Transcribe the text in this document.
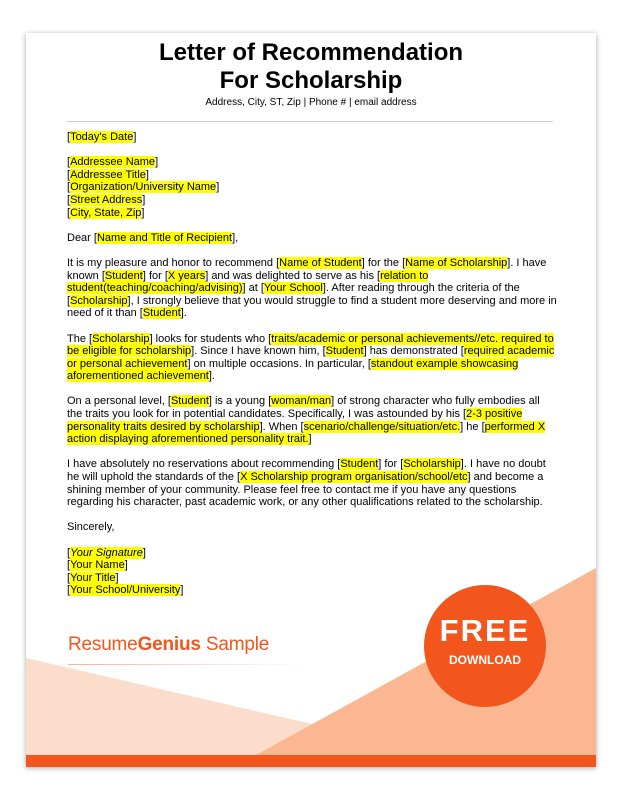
Letter of Recommendation
For Scholarship
Address, City, ST, Zip | Phone # | email address

[Today's Date]

[Addressee Name]
[Addressee Title]
[Organization/University Name]
[Street Address]
[City, State, Zip]

Dear [Name and Title of Recipient],

It is my pleasure and honor to recommend [Name of Student] for the [Name of Scholarship]. I have known [Student] for [X years] and was delighted to serve as his [relation to student(teaching/coaching/advising)] at [Your School]. After reading through the criteria of the [Scholarship], I strongly believe that you would struggle to find a student more deserving and more in need of it than [Student].

The [Scholarship] looks for students who [traits/academic or personal achievements//etc. required to be eligible for scholarship]. Since I have known him, [Student] has demonstrated [required academic or personal achievement] on multiple occasions. In particular, [standout example showcasing aforementioned achievement].

On a personal level, [Student] is a young [woman/man] of strong character who fully embodies all the traits you look for in potential candidates. Specifically, I was astounded by his [2-3 positive personality traits desired by scholarship]. When [scenario/challenge/situation/etc.] he [performed X action displaying aforementioned personality trait.]

I have absolutely no reservations about recommending [Student] for [Scholarship]. I have no doubt he will uphold the standards of the [X Scholarship program organisation/school/etc] and become a shining member of your community. Please feel free to contact me if you have any questions regarding his character, past academic work, or any other qualifications related to the scholarship.

Sincerely,

[Your Signature]
[Your Name]
[Your Title]
[Your School/University]

ResumeGenius Sample	FREE
DOWNLOAD
